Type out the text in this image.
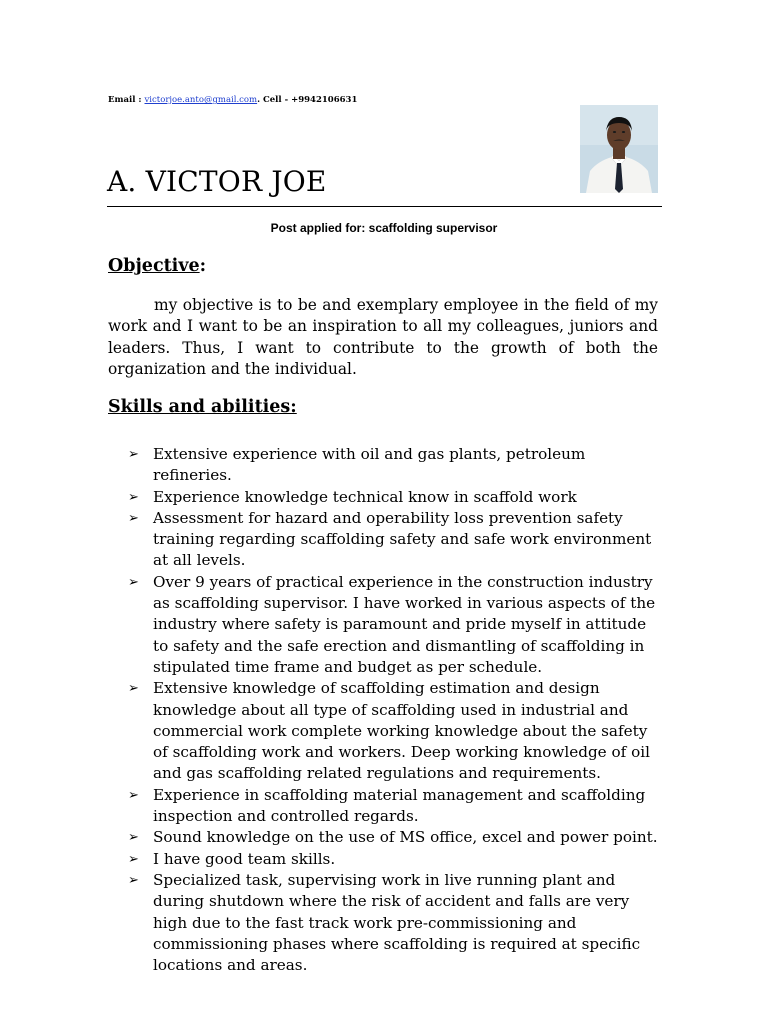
Email : victorjoe.anto@gmail.com. Cell - +9942106631
A. VICTOR JOE
Post applied for: scaffolding supervisor
Objective:
my objective is to be and exemplary employee in the field of my work and I want to be an inspiration to all my colleagues, juniors and leaders. Thus, I want to contribute to the growth of both the organization and the individual.
Skills and abilities:
➢ Extensive experience with oil and gas plants, petroleum refineries.
➢ Experience knowledge technical know in scaffold work
➢ Assessment for hazard and operability loss prevention safety training regarding scaffolding safety and safe work environment at all levels.
➢ Over 9 years of practical experience in the construction industry as scaffolding supervisor. I have worked in various aspects of the industry where safety is paramount and pride myself in attitude to safety and the safe erection and dismantling of scaffolding in stipulated time frame and budget as per schedule.
➢ Extensive knowledge of scaffolding estimation and design knowledge about all type of scaffolding used in industrial and commercial work complete working knowledge about the safety of scaffolding work and workers. Deep working knowledge of oil and gas scaffolding related regulations and requirements.
➢ Experience in scaffolding material management and scaffolding inspection and controlled regards.
➢ Sound knowledge on the use of MS office, excel and power point.
➢ I have good team skills.
➢ Specialized task, supervising work in live running plant and during shutdown where the risk of accident and falls are very high due to the fast track work pre-commissioning and commissioning phases where scaffolding is required at specific locations and areas.
